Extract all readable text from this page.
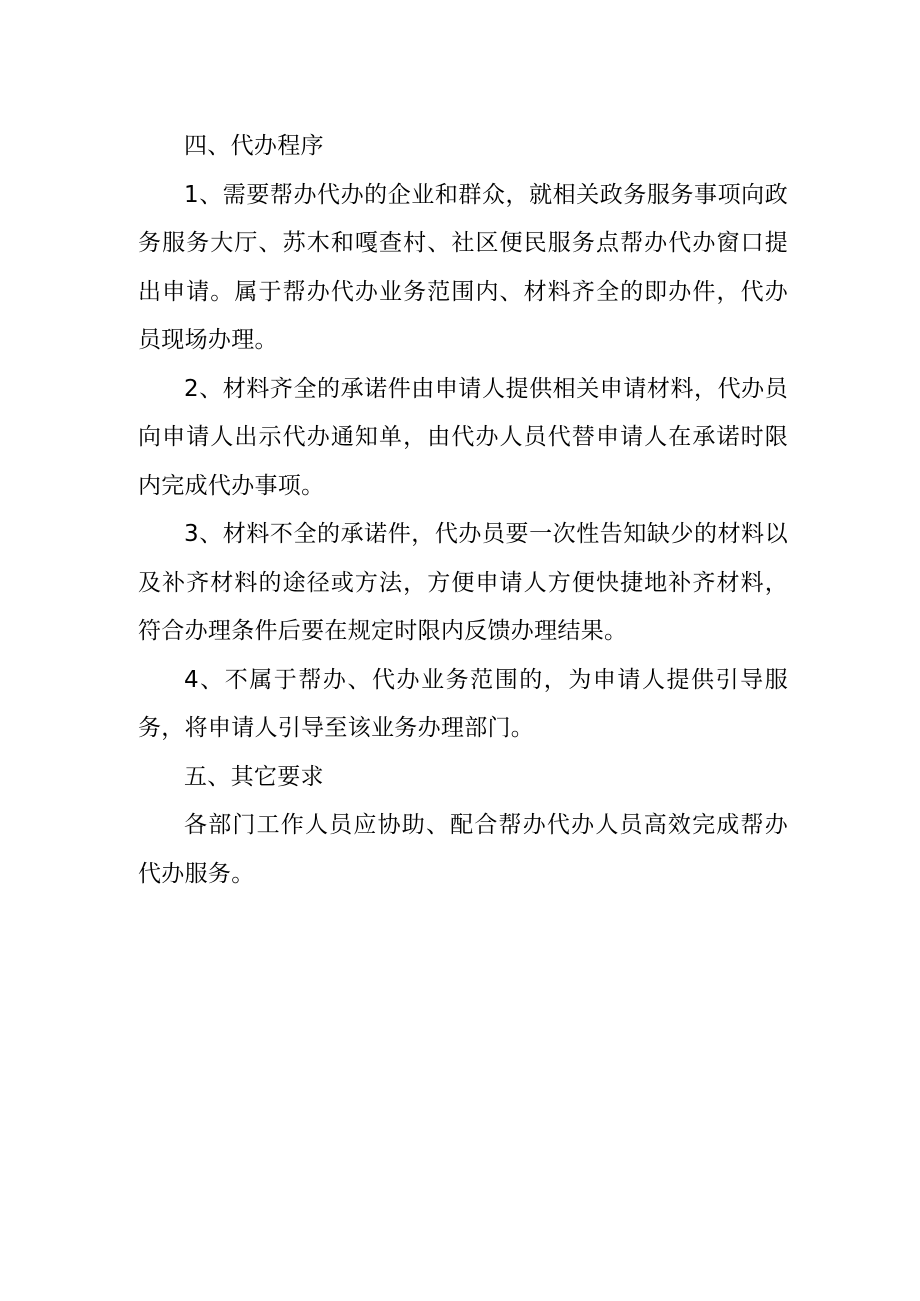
四、代办程序

1、需要帮办代办的企业和群众，就相关政务服务事项向政务服务大厅、苏木和嘎查村、社区便民服务点帮办代办窗口提出申请。属于帮办代办业务范围内、材料齐全的即办件，代办员现场办理。

2、材料齐全的承诺件由申请人提供相关申请材料，代办员向申请人出示代办通知单，由代办人员代替申请人在承诺时限内完成代办事项。

3、材料不全的承诺件，代办员要一次性告知缺少的材料以及补齐材料的途径或方法，方便申请人方便快捷地补齐材料，符合办理条件后要在规定时限内反馈办理结果。

4、不属于帮办、代办业务范围的，为申请人提供引导服务，将申请人引导至该业务办理部门。

五、其它要求

各部门工作人员应协助、配合帮办代办人员高效完成帮办代办服务。
